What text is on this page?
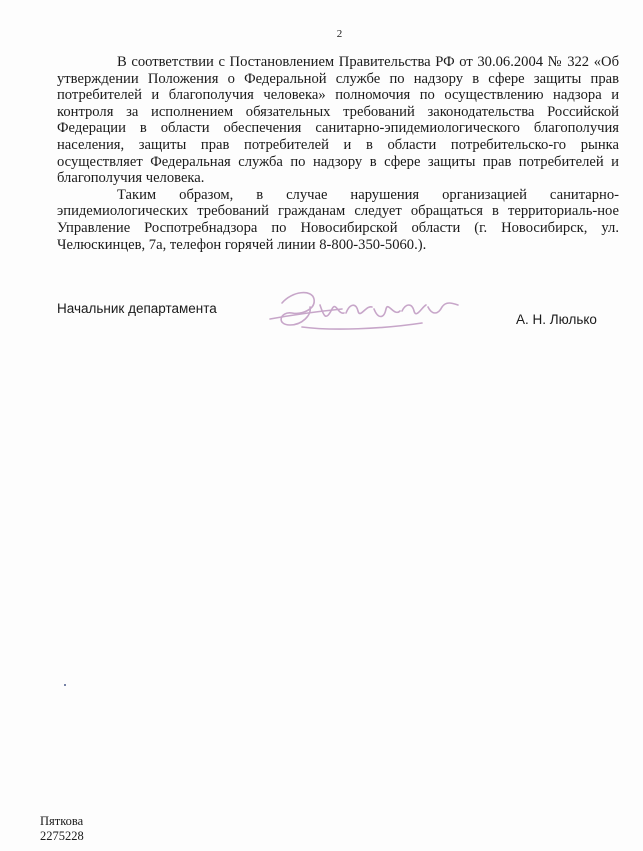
2

В соответствии с Постановлением Правительства РФ от 30.06.2004 № 322 «Об утверждении Положения о Федеральной службе по надзору в сфере защиты прав потребителей и благополучия человека» полномочия по осуществлению надзора и контроля за исполнением обязательных требований законодательства Российской Федерации в области обеспечения санитарно-эпидемиологического благополучия населения, защиты прав потребителей и в области потребительско-го рынка осуществляет Федеральная служба по надзору в сфере защиты прав потребителей и благополучия человека.

Таким образом, в случае нарушения организацией санитарно-эпидемиологических требований гражданам следует обращаться в территориаль-ное Управление Роспотребнадзора по Новосибирской области (г. Новосибирск, ул. Челюскинцев, 7а, телефон горячей линии 8-800-350-5060.).

Начальник департамента
А. Н. Люлько
Пяткова
2275228
